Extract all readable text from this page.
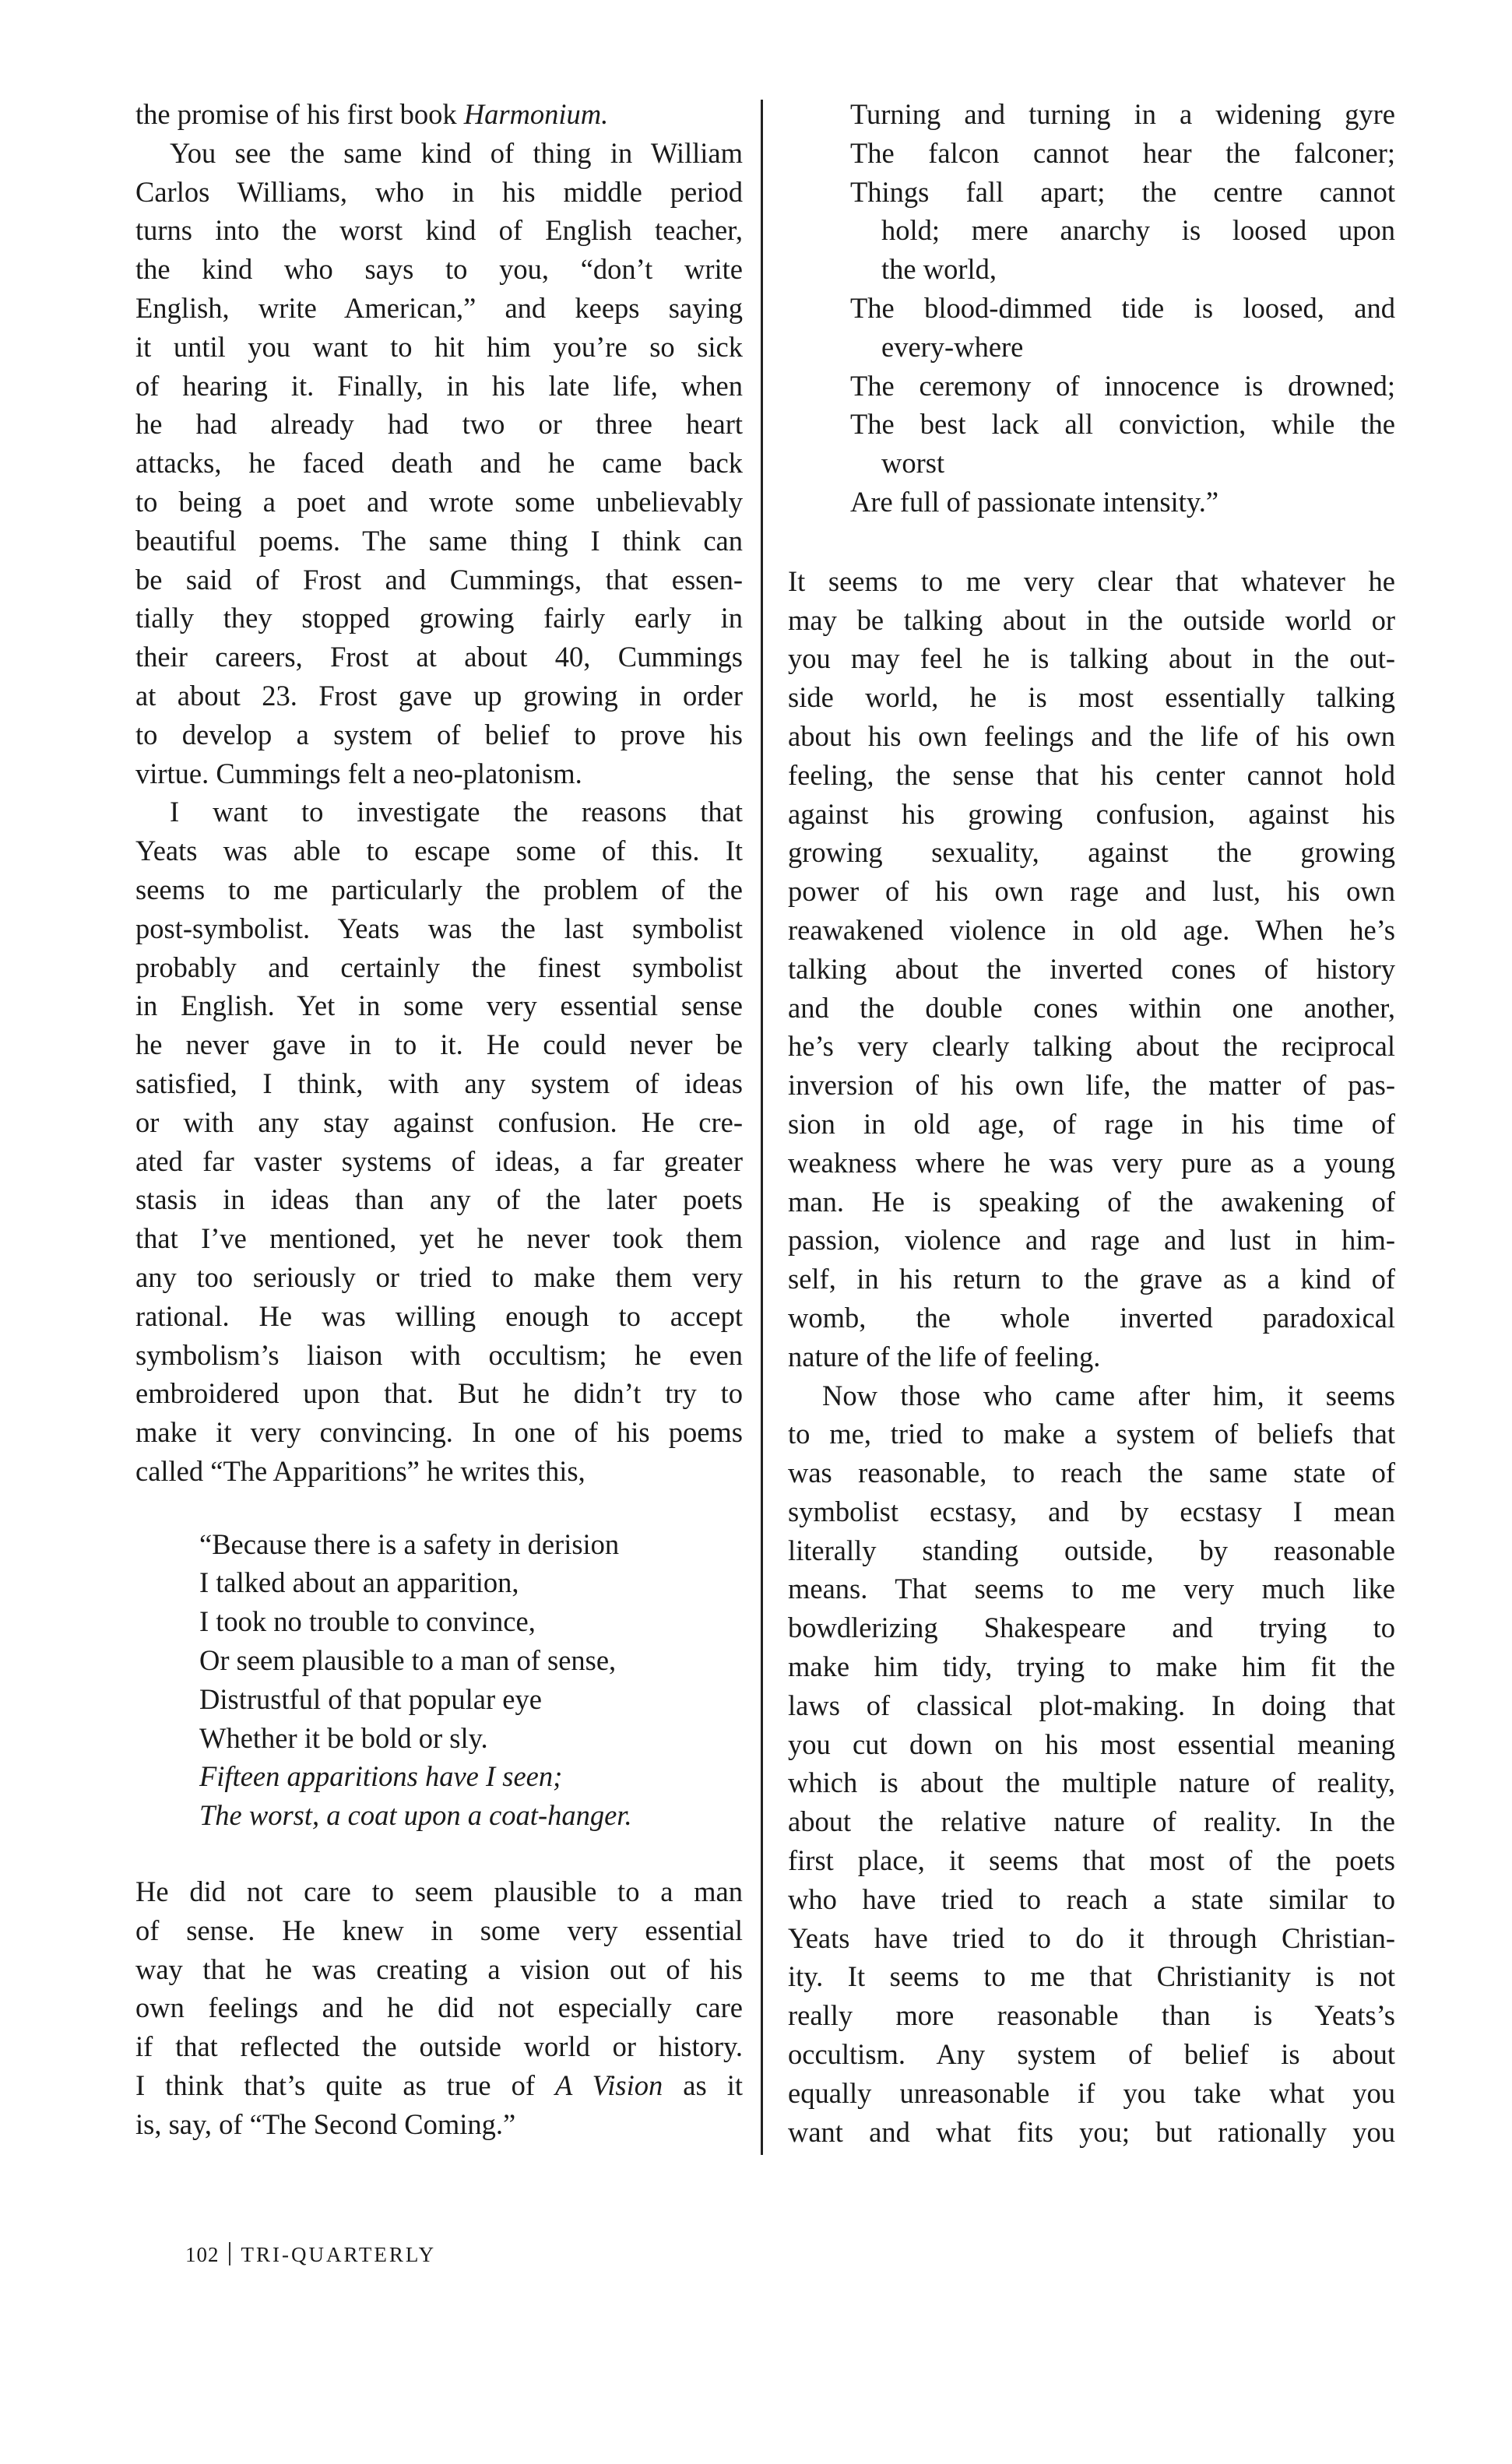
the promise of his first book Harmonium.
You see the same kind of thing in William
Carlos Williams, who in his middle period
turns into the worst kind of English teacher,
the kind who says to you, “don’t write
English, write American,” and keeps saying
it until you want to hit him you’re so sick
of hearing it. Finally, in his late life, when
he had already had two or three heart
attacks, he faced death and he came back
to being a poet and wrote some unbelievably
beautiful poems. The same thing I think can
be said of Frost and Cummings, that essen-
tially they stopped growing fairly early in
their careers, Frost at about 40, Cummings
at about 23. Frost gave up growing in order
to develop a system of belief to prove his
virtue. Cummings felt a neo-platonism.
I want to investigate the reasons that
Yeats was able to escape some of this. It
seems to me particularly the problem of the
post-symbolist. Yeats was the last symbolist
probably and certainly the finest symbolist
in English. Yet in some very essential sense
he never gave in to it. He could never be
satisfied, I think, with any system of ideas
or with any stay against confusion. He cre-
ated far vaster systems of ideas, a far greater
stasis in ideas than any of the later poets
that I’ve mentioned, yet he never took them
any too seriously or tried to make them very
rational. He was willing enough to accept
symbolism’s liaison with occultism; he even
embroidered upon that. But he didn’t try to
make it very convincing. In one of his poems
called “The Apparitions” he writes this,
“Because there is a safety in derision
I talked about an apparition,
I took no trouble to convince,
Or seem plausible to a man of sense,
Distrustful of that popular eye
Whether it be bold or sly.
Fifteen apparitions have I seen;
The worst, a coat upon a coat-hanger.
He did not care to seem plausible to a man
of sense. He knew in some very essential
way that he was creating a vision out of his
own feelings and he did not especially care
if that reflected the outside world or history.
I think that’s quite as true of A Vision as it
is, say, of “The Second Coming.”
Turning and turning in a widening gyre
The falcon cannot hear the falconer;
Things fall apart; the centre cannot
hold; mere anarchy is loosed upon
the world,
The blood-dimmed tide is loosed, and
every-where
The ceremony of innocence is drowned;
The best lack all conviction, while the
worst
Are full of passionate intensity.”
It seems to me very clear that whatever he
may be talking about in the outside world or
you may feel he is talking about in the out-
side world, he is most essentially talking
about his own feelings and the life of his own
feeling, the sense that his center cannot hold
against his growing confusion, against his
growing sexuality, against the growing
power of his own rage and lust, his own
reawakened violence in old age. When he’s
talking about the inverted cones of history
and the double cones within one another,
he’s very clearly talking about the reciprocal
inversion of his own life, the matter of pas-
sion in old age, of rage in his time of
weakness where he was very pure as a young
man. He is speaking of the awakening of
passion, violence and rage and lust in him-
self, in his return to the grave as a kind of
womb, the whole inverted paradoxical
nature of the life of feeling.
Now those who came after him, it seems
to me, tried to make a system of beliefs that
was reasonable, to reach the same state of
symbolist ecstasy, and by ecstasy I mean
literally standing outside, by reasonable
means. That seems to me very much like
bowdlerizing Shakespeare and trying to
make him tidy, trying to make him fit the
laws of classical plot-making. In doing that
you cut down on his most essential meaning
which is about the multiple nature of reality,
about the relative nature of reality. In the
first place, it seems that most of the poets
who have tried to reach a state similar to
Yeats have tried to do it through Christian-
ity. It seems to me that Christianity is not
really more reasonable than is Yeats’s
occultism. Any system of belief is about
equally unreasonable if you take what you
want and what fits you; but rationally you
102 TRI-QUARTERLY
